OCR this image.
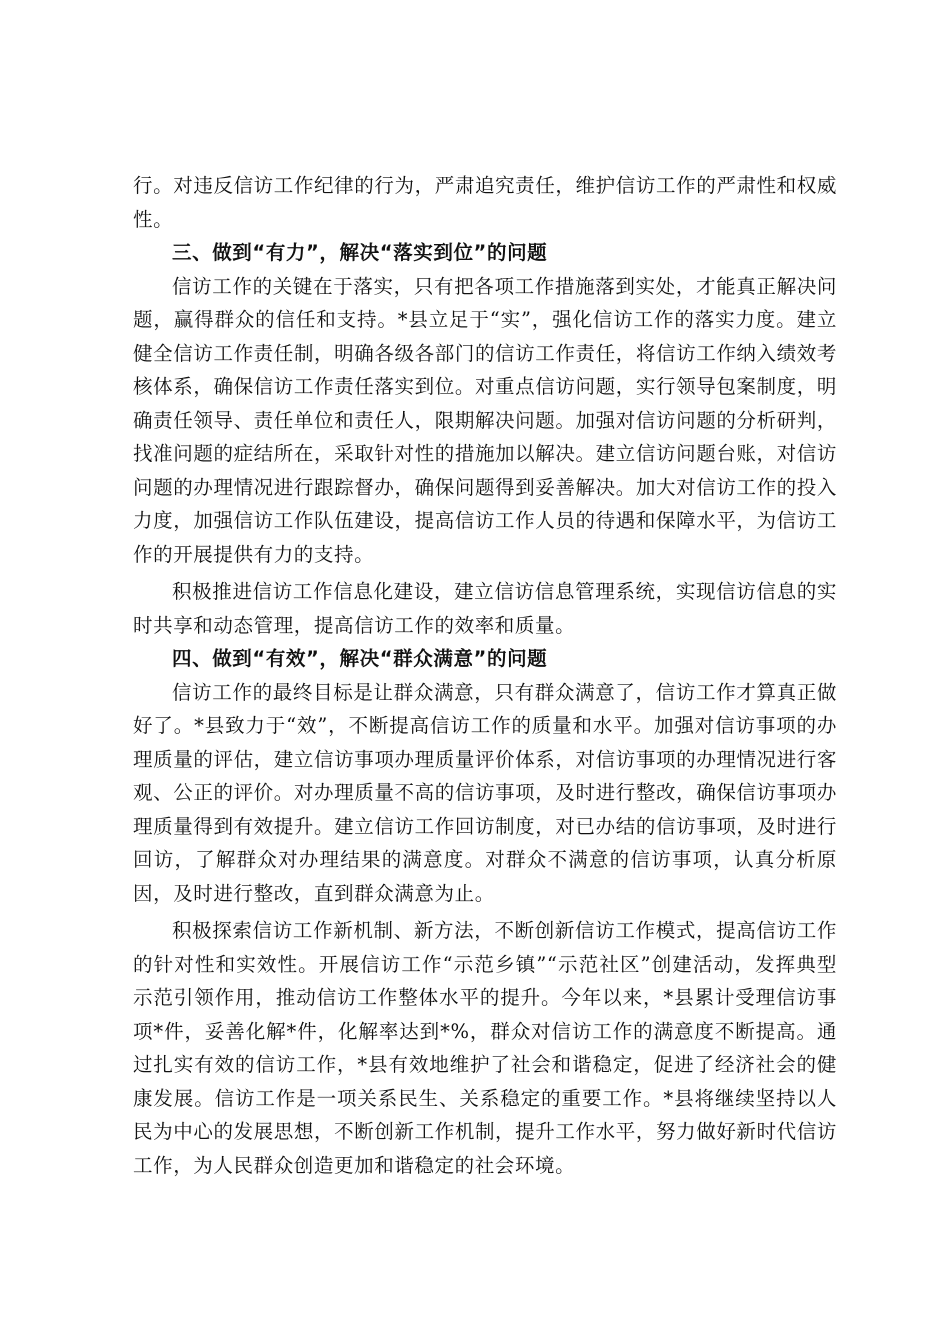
行。对违反信访工作纪律的行为，严肃追究责任，维护信访工作的严肃性和权威性。

三、做到“有力”，解决“落实到位”的问题

信访工作的关键在于落实，只有把各项工作措施落到实处，才能真正解决问题，赢得群众的信任和支持。*县立足于“实”，强化信访工作的落实力度。建立健全信访工作责任制，明确各级各部门的信访工作责任，将信访工作纳入绩效考核体系，确保信访工作责任落实到位。对重点信访问题，实行领导包案制度，明确责任领导、责任单位和责任人，限期解决问题。加强对信访问题的分析研判，找准问题的症结所在，采取针对性的措施加以解决。建立信访问题台账，对信访问题的办理情况进行跟踪督办，确保问题得到妥善解决。加大对信访工作的投入力度，加强信访工作队伍建设，提高信访工作人员的待遇和保障水平，为信访工作的开展提供有力的支持。

积极推进信访工作信息化建设，建立信访信息管理系统，实现信访信息的实时共享和动态管理，提高信访工作的效率和质量。

四、做到“有效”，解决“群众满意”的问题

信访工作的最终目标是让群众满意，只有群众满意了，信访工作才算真正做好了。*县致力于“效”，不断提高信访工作的质量和水平。加强对信访事项的办理质量的评估，建立信访事项办理质量评价体系，对信访事项的办理情况进行客观、公正的评价。对办理质量不高的信访事项，及时进行整改，确保信访事项办理质量得到有效提升。建立信访工作回访制度，对已办结的信访事项，及时进行回访，了解群众对办理结果的满意度。对群众不满意的信访事项，认真分析原因，及时进行整改，直到群众满意为止。

积极探索信访工作新机制、新方法，不断创新信访工作模式，提高信访工作的针对性和实效性。开展信访工作“示范乡镇”“示范社区”创建活动，发挥典型示范引领作用，推动信访工作整体水平的提升。今年以来，*县累计受理信访事项*件，妥善化解*件，化解率达到*%，群众对信访工作的满意度不断提高。通过扎实有效的信访工作，*县有效地维护了社会和谐稳定，促进了经济社会的健康发展。信访工作是一项关系民生、关系稳定的重要工作。*县将继续坚持以人民为中心的发展思想，不断创新工作机制，提升工作水平，努力做好新时代信访工作，为人民群众创造更加和谐稳定的社会环境。
